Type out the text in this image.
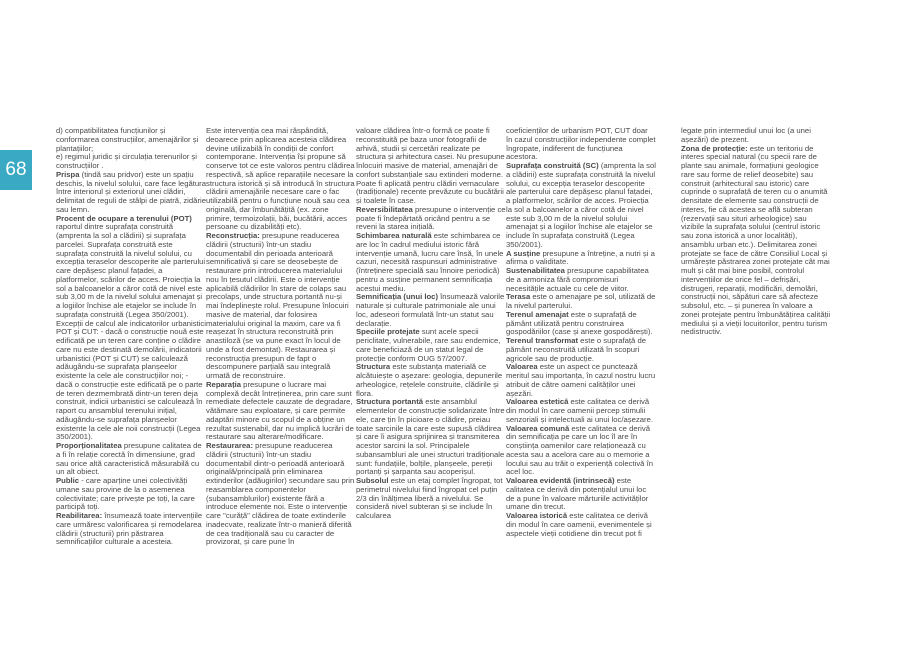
68

d) compatibilitatea funcțiunilor și conformarea construcțiilor, amenajărilor și plantațiilor;

e) regimul juridic și circulația terenurilor și construcțiilor .

Prispa (tindă sau pridvor) este un spațiu deschis, la nivelul solului, care face legătura între interiorul și exteriorul unei clădiri, delimitat de reguli de stâlpi de piatră, zidărie sau lemn.

Procent de ocupare a terenului (POT) raportul dintre suprafața construită (amprenta la sol a clădirii) și suprafața parcelei. Suprafața construită este suprafața construită la nivelul solului, cu excepția teraselor descoperite ale parterului care depășesc planul fațadei, a platformelor, scărilor de acces. Proiecția la sol a balcoanelor a căror cotă de nivel este sub 3,00 m de la nivelul solului amenajat și a logiilor închise ale etajelor se include în suprafața construită (Legea 350/2001). Excepții de calcul ale indicatorilor urbanistici POT și CUT: - dacă o construcție nouă este edificată pe un teren care conține o clădire care nu este destinată demolării, indicatorii urbanistici (POT și CUT) se calculează adăugându-se suprafața planșeelor existente la cele ale construcțiilor noi; - dacă o construcție este edificată pe o parte de teren dezmembrată dintr-un teren deja construit, indicii urbanistici se calculează în raport cu ansamblul terenului inițial, adăugându-se suprafața planșeelor existente la cele ale noii construcții (Legea 350/2001).

Proporționalitatea presupune calitatea de a fi în relație corectă în dimensiune, grad sau orice altă caracteristică măsurabilă cu un alt obiect.

Public - care aparține unei colectivități umane sau provine de la o asemenea colectivitate; care privește pe toți, la care participă toți.

Reabilitarea: însumează toate intervențiile care urmăresc valorificarea și remodelarea clădirii (structurii) prin păstrarea semnificațiilor culturale a acesteia.

Este intervenția cea mai răspândită, deoarece prin aplicarea acesteia clădirea devine utilizabilă în condiții de confort contemporane. Intervenția își propune să conserve tot ce este valoros pentru clădirea respectivă, să aplice reparațiile necesare la structura istorică și să introducă în structura clădirii amenajările necesare care o fac utilizabilă pentru o funcțiune nouă sau cea originală, dar îmbunătățită (ex. zone primire, termoizolații, băi, bucătării, acces persoane cu dizabilități etc).

Reconstrucția: presupune readucerea clădirii (structurii) într-un stadiu documentabil din perioada anterioară semnificativă și care se deosebește de restaurare prin introducerea materialului nou în țesutul clădirii. Este o intervenție aplicabilă clădirilor în stare de colaps sau precolaps, unde structura portantă nu-și mai îndeplinește rolul. Presupune înlocuiri masive de material, dar folosirea materialului original la maxim, care va fi reașezat în structura reconstruită prin anastiloză (se va pune exact în locul de unde a fost demontat). Restaurarea și reconstrucția presupun de fapt o descompunere parțială sau integrală urmată de reconstruire.

Reparația presupune o lucrare mai complexă decât întreținerea, prin care sunt remediate defectele cauzate de degradare, vătămare sau exploatare, și care permite adaptări minore cu scopul de a obține un rezultat sustenabil, dar nu implică lucrări de restaurare sau alterare/modificare.

Restaurarea: presupune readucerea clădirii (structurii) într-un stadiu documentabil dintr-o perioadă anterioară originală/principală prin eliminarea extinderilor (adăugirilor) secundare sau prin reasamblarea componentelor (subansamblurilor) existente fără a introduce elemente noi. Este o intervenție care "curăță" clădirea de toate extinderile inadecvate, realizate într-o manieră diferită de cea tradițională sau cu caracter de provizorat, și care pune în

valoare clădirea într-o formă ce poate fi reconstituită pe baza unor fotografii de arhivă, studii și cercetări realizate pe structura și arhitectura casei. Nu presupune înlocuiri masive de material, amenajări de confort substanțiale sau extinderi moderne. Poate fi aplicată pentru clădiri vernaculare (tradiționale) recente prevăzute cu bucătării și toalete în case.

Reversibilitatea presupune o intervenție ce poate fi îndepărtată oricând pentru a se reveni la starea inițială.

Schimbarea naturală este schimbarea ce are loc în cadrul mediului istoric fără intervenție umană, lucru care însă, în unele cazuri, necesită raspunsuri administrative (întreținere specială sau înnoire periodică) pentru a susține permanent semnificația acestui mediu.

Semnificația (unui loc) însumează valorile naturale și culturale patrimoniale ale unui loc, adeseori formulată într-un statut sau declarație.

Speciile protejate sunt acele specii periclitate, vulnerabile, rare sau endemice, care beneficiază de un statut legal de protecție conform OUG 57/2007.

Structura este substanța materială ce alcătuiește o așezare: geologia, depunerile arheologice, rețelele construite, clădirile și flora.

Structura portantă este ansamblul elementelor de construcție solidarizate între ele, care țin în picioare o clădire, preiau toate sarcinile la care este supusă clădirea și care îi asigura sprijinirea și transmiterea acestor sarcini la sol. Principalele subansambluri ale unei structuri tradiționale sunt: fundațiile, bolțile, planșeele, pereții portanți și șarpanta sau acoperișul.

Subsolul este un etaj complet îngropat, tot perimetrul nivelului fiind îngropat cel puțin 2/3 din înălțimea liberă a nivelului. Se consideră nivel subteran și se include în calcularea

coeficienților de urbanism POT, CUT doar în cazul construcțiilor independente complet îngropate, indiferent de funcțiunea acestora.

Suprafața construită (SC) (amprenta la sol a clădirii) este suprafața construită la nivelul solului, cu excepția teraselor descoperite ale parterului care depășesc planul fațadei, a platformelor, scărilor de acces. Proiecția la sol a balcoanelor a căror cotă de nivel este sub 3,00 m de la nivelul solului amenajat și a logiilor închise ale etajelor se include în suprafața construită (Legea 350/2001).

A susține presupune a întreține, a nutri și a afirma o validitate.

Sustenabilitatea presupune capabilitatea de a armoniza fără compromisuri necesitățile actuale cu cele de viitor.

Terasa este o amenajare pe sol, utilizată de la nivelul parterului.

Terenul amenajat este o suprafață de pământ utilizată pentru construirea gospodăriilor (case și anexe gospodărești).

Terenul transformat este o suprafață de pământ neconstruită utilizată în scopuri agricole sau de producție.

Valoarea este un aspect ce punctează meritul sau importanța, în cazul nostru lucru atribuit de către oameni calităților unei așezări.

Valoarea estetică este calitatea ce derivă din modul în care oamenii percep stimulii senzoriali și intelectuali ai unui loc/așezare.

Valoarea comună este calitatea ce derivă din semnificația pe care un loc îl are în conștiința oamenilor care relaționează cu acesta sau a acelora care au o memorie a locului sau au trăit o experiență colectivă în acel loc.

Valoarea evidentă (intrinsecă) este calitatea ce derivă din potențialul unui loc de a pune în valoare mărturiile activităților umane din trecut.

Valoarea istorică este calitatea ce derivă din modul în care oamenii, evenimentele și aspectele vieții cotidiene din trecut pot fi

legate prin intermediul unui loc (a unei așezări) de prezent.

Zona de protecție: este un teritoriu de interes special natural (cu specii rare de plante sau animale, formațiuni geologice rare sau forme de relief deosebite) sau construit (arhitectural sau istoric) care cuprinde o suprafață de teren cu o anumită densitate de elemente sau construcții de interes, fie că acestea se află subteran (rezervații sau situri arheologice) sau vizibile la suprafața solului (centrul istoric sau zona istorică a unor localități), ansamblu urban etc.). Delimitarea zonei protejate se face de către Consiliul Local și urmărește păstrarea zonei protejate cât mai mult și cât mai bine posibil, controlul intervențiilor de orice fel – defrișări, distrugeri, reparații, modificări, demolări, construcții noi, săpături care să afecteze subsolul, etc. – și punerea în valoare a zonei protejate pentru îmbunătățirea calității mediului și a vieții locuitorilor, pentru turism nedistructiv.
